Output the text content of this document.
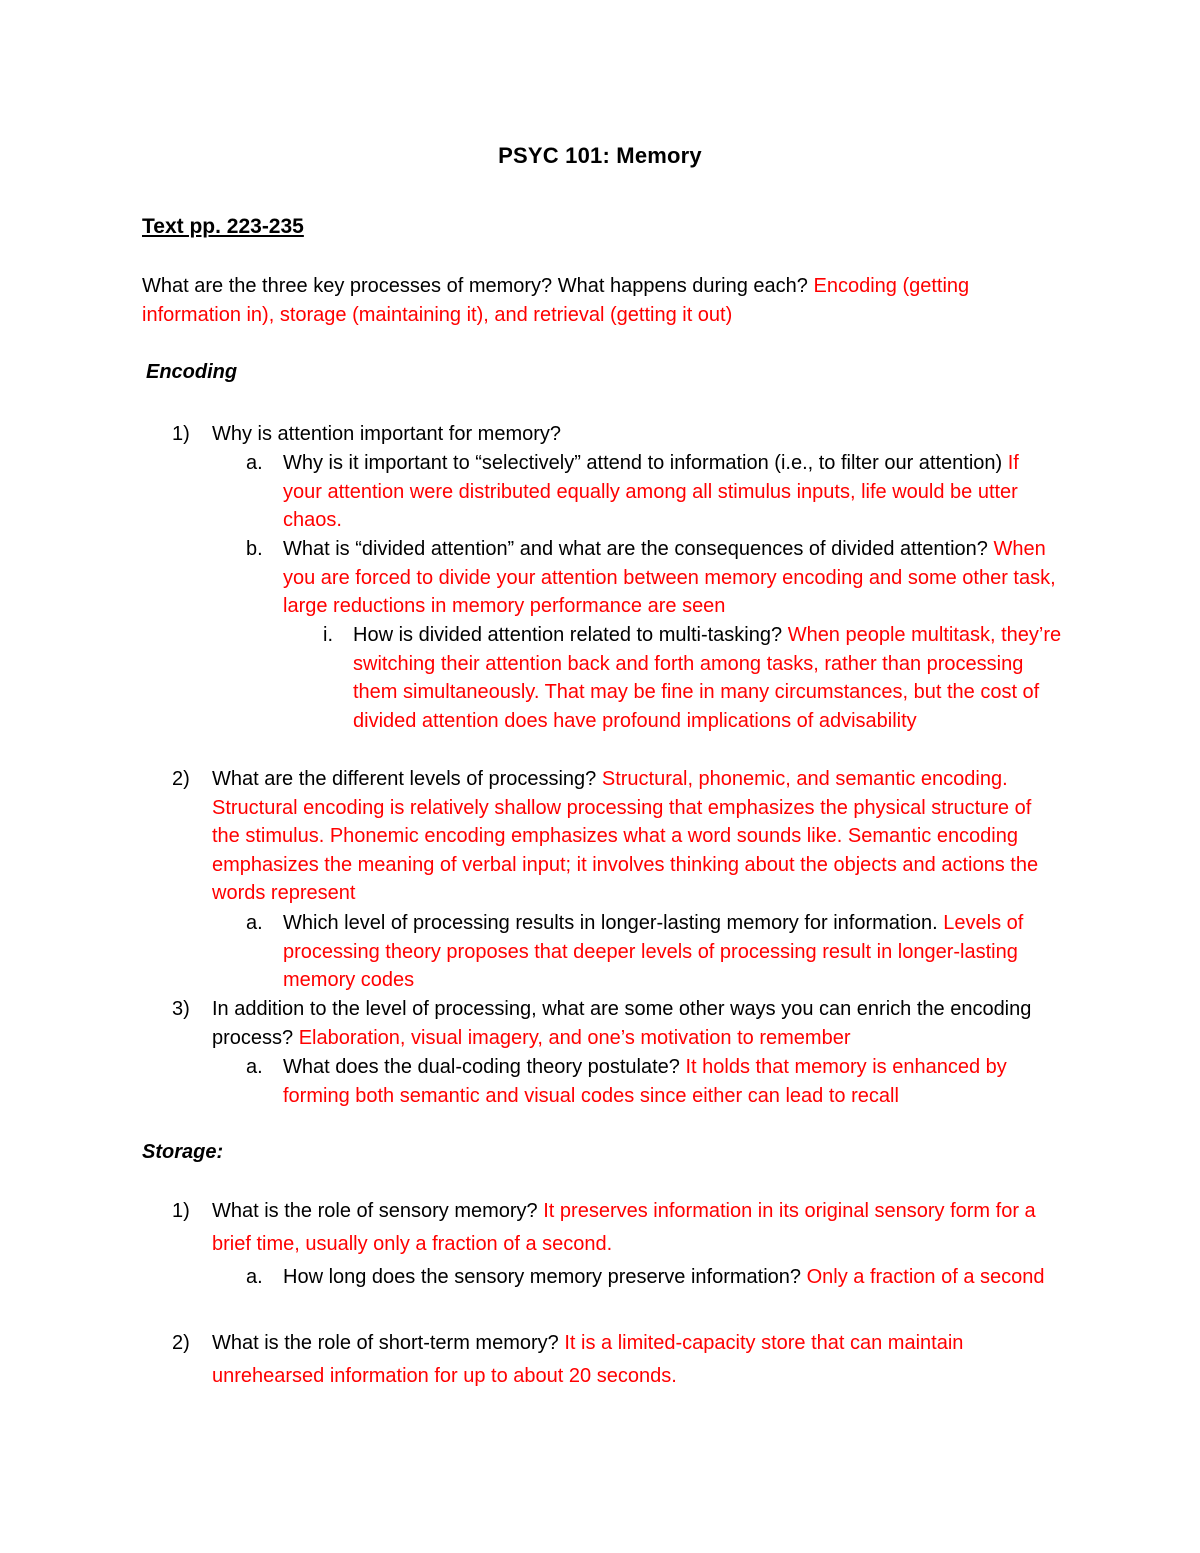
PSYC 101: Memory
Text pp. 223-235
What are the three key processes of memory? What happens during each? Encoding (getting information in), storage (maintaining it), and retrieval (getting it out)
Encoding
1) Why is attention important for memory?
a. Why is it important to “selectively” attend to information (i.e., to filter our attention) If your attention were distributed equally among all stimulus inputs, life would be utter chaos.
b. What is “divided attention” and what are the consequences of divided attention? When you are forced to divide your attention between memory encoding and some other task, large reductions in memory performance are seen
i. How is divided attention related to multi-tasking? When people multitask, they’re switching their attention back and forth among tasks, rather than processing them simultaneously. That may be fine in many circumstances, but the cost of divided attention does have profound implications of advisability
2) What are the different levels of processing? Structural, phonemic, and semantic encoding. Structural encoding is relatively shallow processing that emphasizes the physical structure of the stimulus. Phonemic encoding emphasizes what a word sounds like. Semantic encoding emphasizes the meaning of verbal input; it involves thinking about the objects and actions the words represent
a. Which level of processing results in longer-lasting memory for information. Levels of processing theory proposes that deeper levels of processing result in longer-lasting memory codes
3) In addition to the level of processing, what are some other ways you can enrich the encoding process? Elaboration, visual imagery, and one’s motivation to remember
a. What does the dual-coding theory postulate? It holds that memory is enhanced by forming both semantic and visual codes since either can lead to recall
Storage:
1) What is the role of sensory memory? It preserves information in its original sensory form for a brief time, usually only a fraction of a second.
a. How long does the sensory memory preserve information? Only a fraction of a second
2) What is the role of short-term memory? It is a limited-capacity store that can maintain unrehearsed information for up to about 20 seconds.
